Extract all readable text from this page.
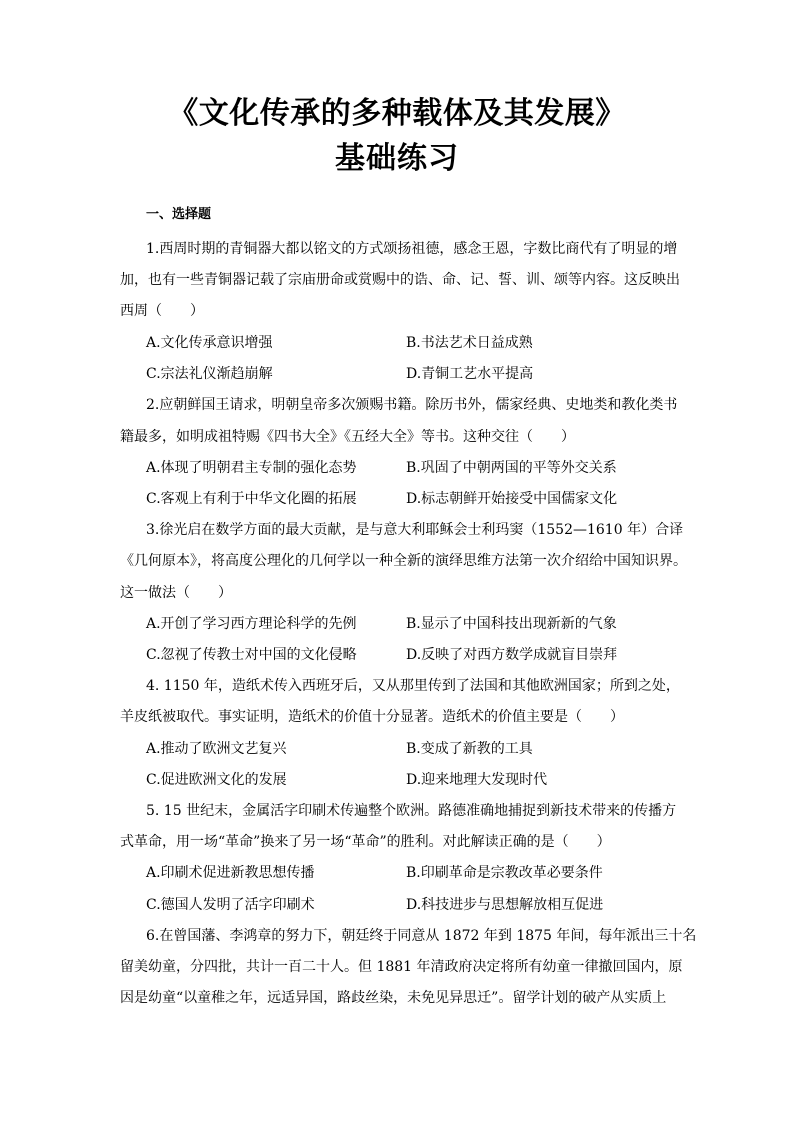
《文化传承的多种载体及其发展》
基础练习
一、选择题
1.西周时期的青铜器大都以铭文的方式颂扬祖德，感念王恩，字数比商代有了明显的增
加，也有一些青铜器记载了宗庙册命或赏赐中的诰、命、记、誓、训、颂等内容。这反映出
西周（　　）
A.文化传承意识增强	B.书法艺术日益成熟
C.宗法礼仪渐趋崩解	D.青铜工艺水平提高
2.应朝鲜国王请求，明朝皇帝多次颁赐书籍。除历书外，儒家经典、史地类和教化类书
籍最多，如明成祖特赐《四书大全》《五经大全》等书。这种交往（　　）
A.体现了明朝君主专制的强化态势	B.巩固了中朝两国的平等外交关系
C.客观上有利于中华文化圈的拓展	D.标志朝鲜开始接受中国儒家文化
3.徐光启在数学方面的最大贡献，是与意大利耶稣会士利玛窦（1552—1610 年）合译
《几何原本》，将高度公理化的几何学以一种全新的演绎思维方法第一次介绍给中国知识界。
这一做法（　　）
A.开创了学习西方理论科学的先例	B.显示了中国科技出现新新的气象
C.忽视了传教士对中国的文化侵略	D.反映了对西方数学成就盲目崇拜
4. 1150 年，造纸术传入西班牙后，又从那里传到了法国和其他欧洲国家；所到之处，
羊皮纸被取代。事实证明，造纸术的价值十分显著。造纸术的价值主要是（　　）
A.推动了欧洲文艺复兴	B.变成了新教的工具
C.促进欧洲文化的发展	D.迎来地理大发现时代
5. 15 世纪末，金属活字印刷术传遍整个欧洲。路德准确地捕捉到新技术带来的传播方
式革命，用一场“革命”换来了另一场“革命”的胜利。对此解读正确的是（　　）
A.印刷术促进新教思想传播	B.印刷革命是宗教改革必要条件
C.德国人发明了活字印刷术	D.科技进步与思想解放相互促进
6.在曾国藩、李鸿章的努力下，朝廷终于同意从 1872 年到 1875 年间，每年派出三十名
留美幼童，分四批，共计一百二十人。但 1881 年清政府决定将所有幼童一律撤回国内，原
因是幼童“以童稚之年，远适异国，路歧丝染，未免见异思迁”。留学计划的破产从实质上
